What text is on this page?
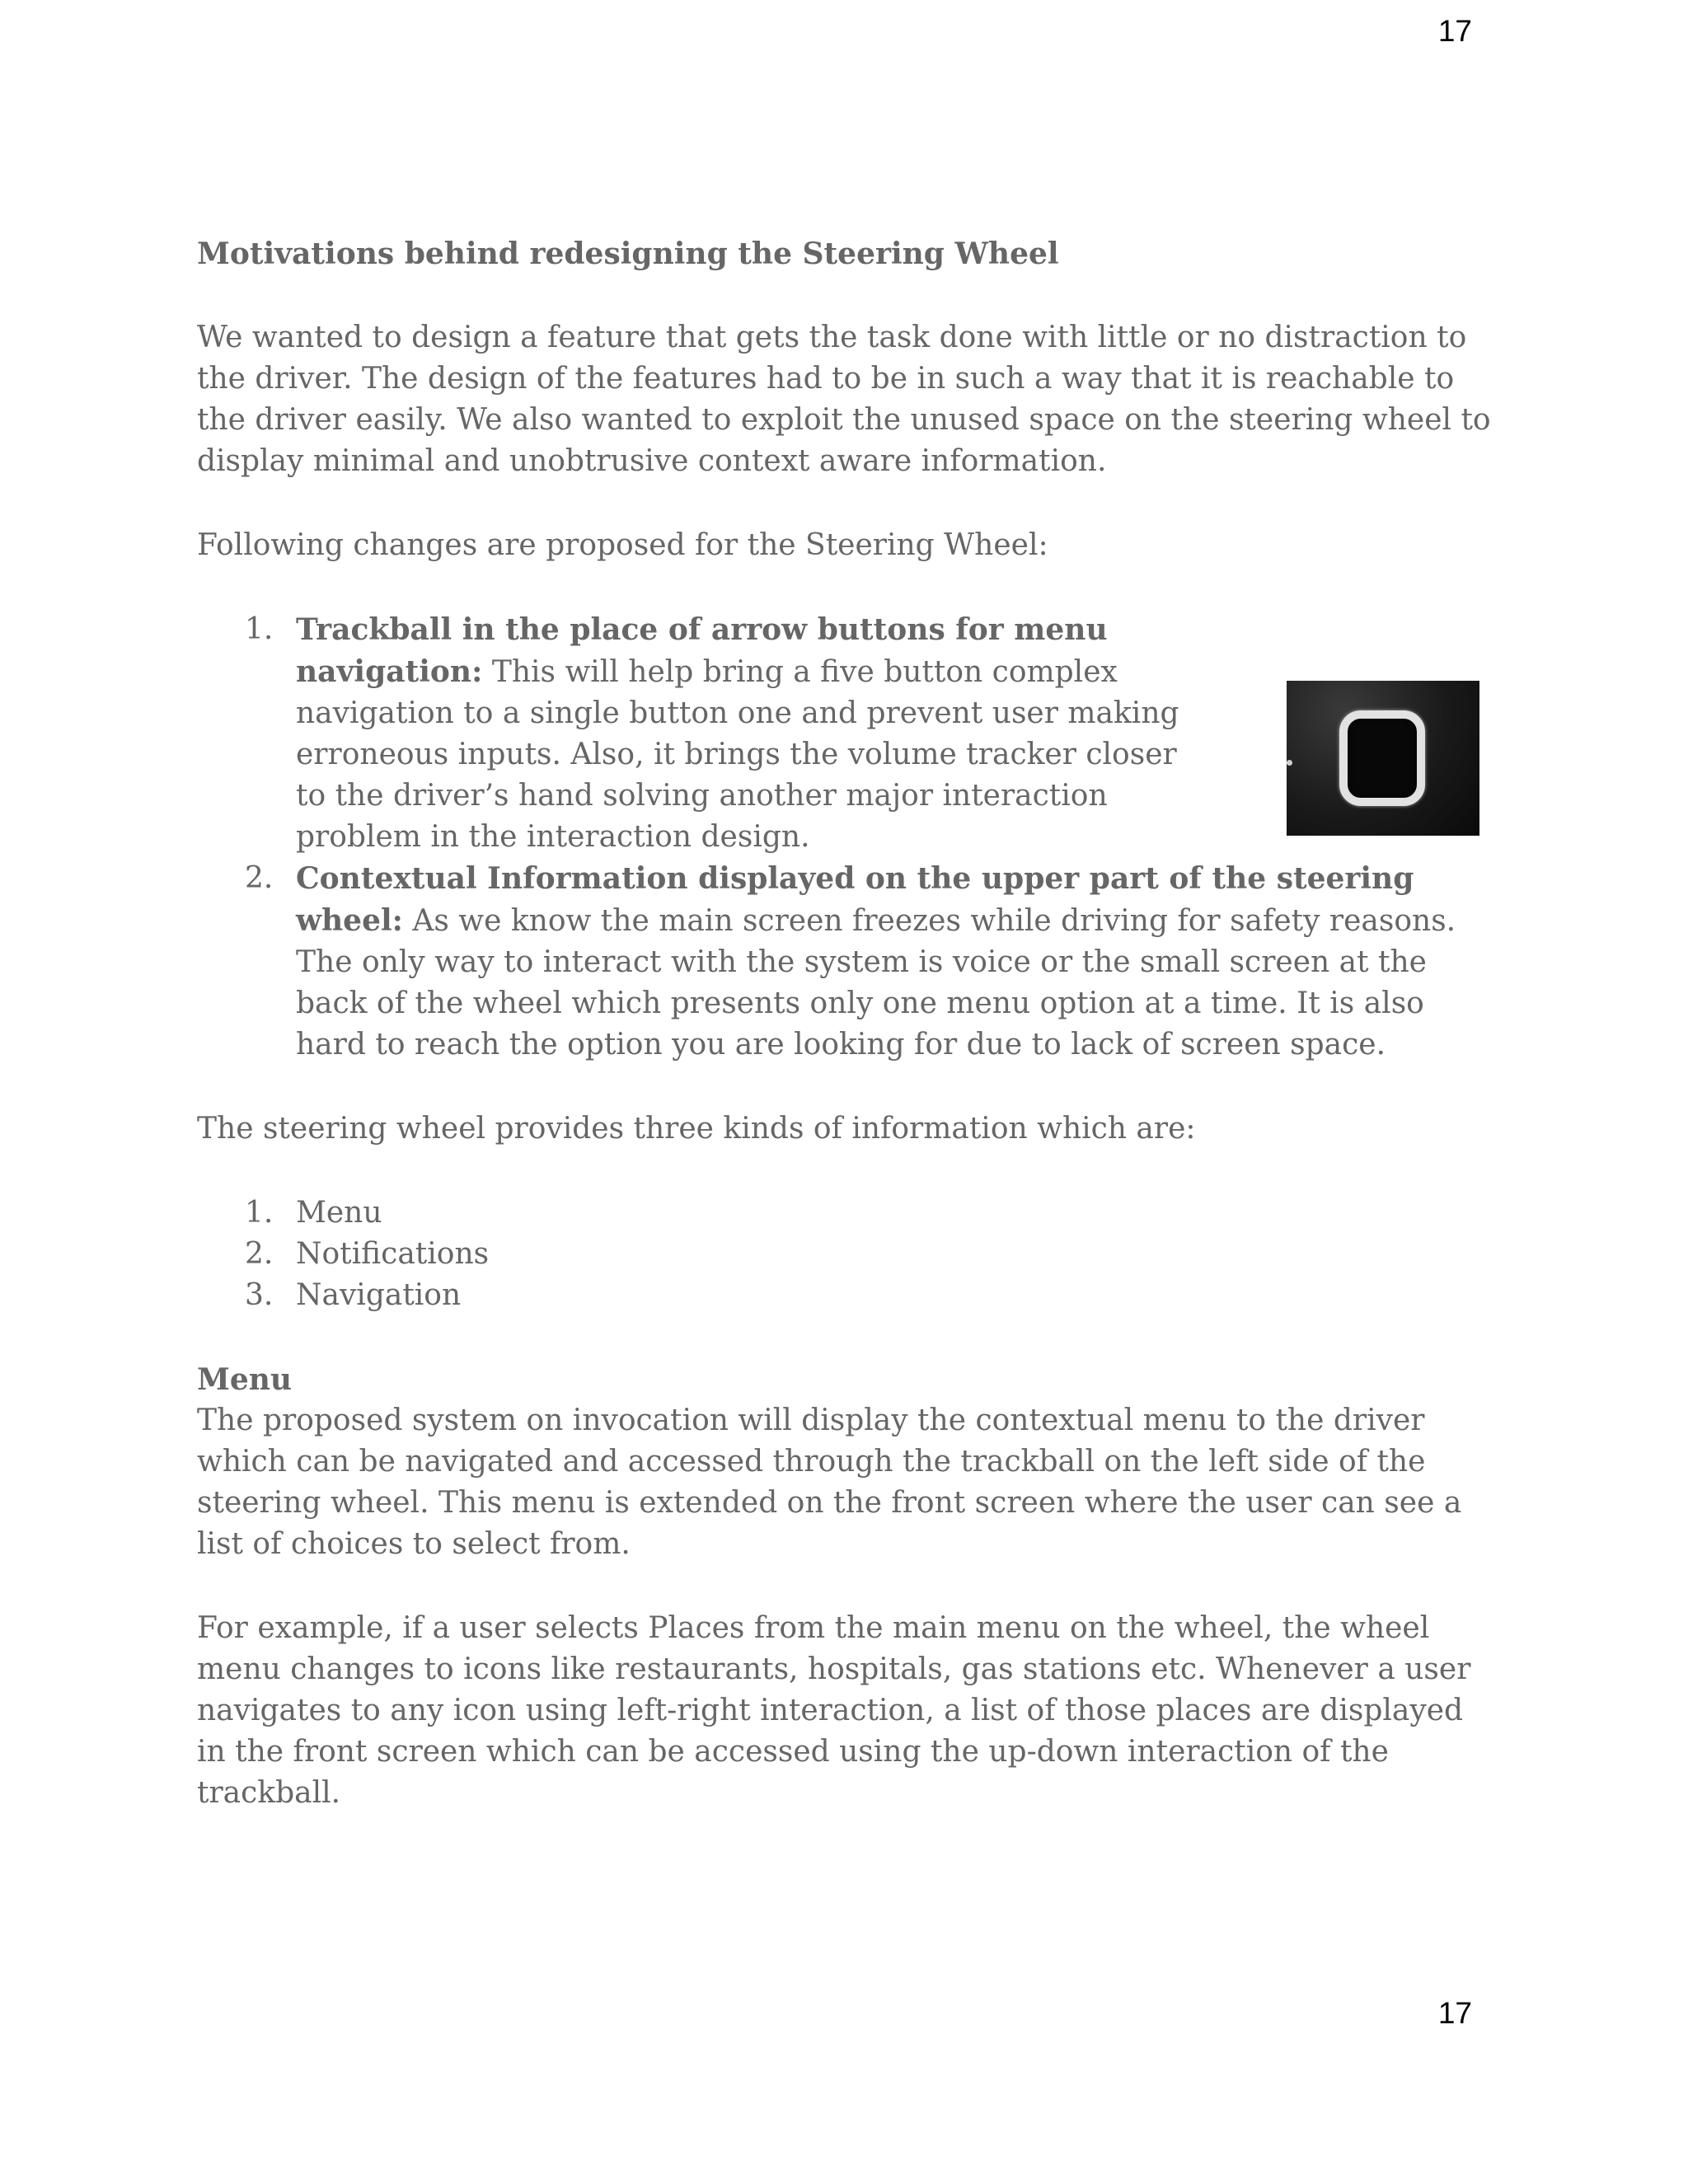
17

Motivations behind redesigning the Steering Wheel

We wanted to design a feature that gets the task done with little or no distraction to the driver. The design of the features had to be in such a way that it is reachable to the driver easily. We also wanted to exploit the unused space on the steering wheel to display minimal and unobtrusive context aware information.

Following changes are proposed for the Steering Wheel:

1. Trackball in the place of arrow buttons for menu navigation: This will help bring a five button complex navigation to a single button one and prevent user making erroneous inputs. Also, it brings the volume tracker closer to the driver’s hand solving another major interaction problem in the interaction design.
2. Contextual Information displayed on the upper part of the steering wheel: As we know the main screen freezes while driving for safety reasons. The only way to interact with the system is voice or the small screen at the back of the wheel which presents only one menu option at a time. It is also hard to reach the option you are looking for due to lack of screen space.

The steering wheel provides three kinds of information which are:

1. Menu
2. Notifications
3. Navigation

Menu

The proposed system on invocation will display the contextual menu to the driver which can be navigated and accessed through the trackball on the left side of the steering wheel. This menu is extended on the front screen where the user can see a list of choices to select from.

For example, if a user selects Places from the main menu on the wheel, the wheel menu changes to icons like restaurants, hospitals, gas stations etc. Whenever a user navigates to any icon using left-right interaction, a list of those places are displayed in the front screen which can be accessed using the up-down interaction of the trackball.

17
